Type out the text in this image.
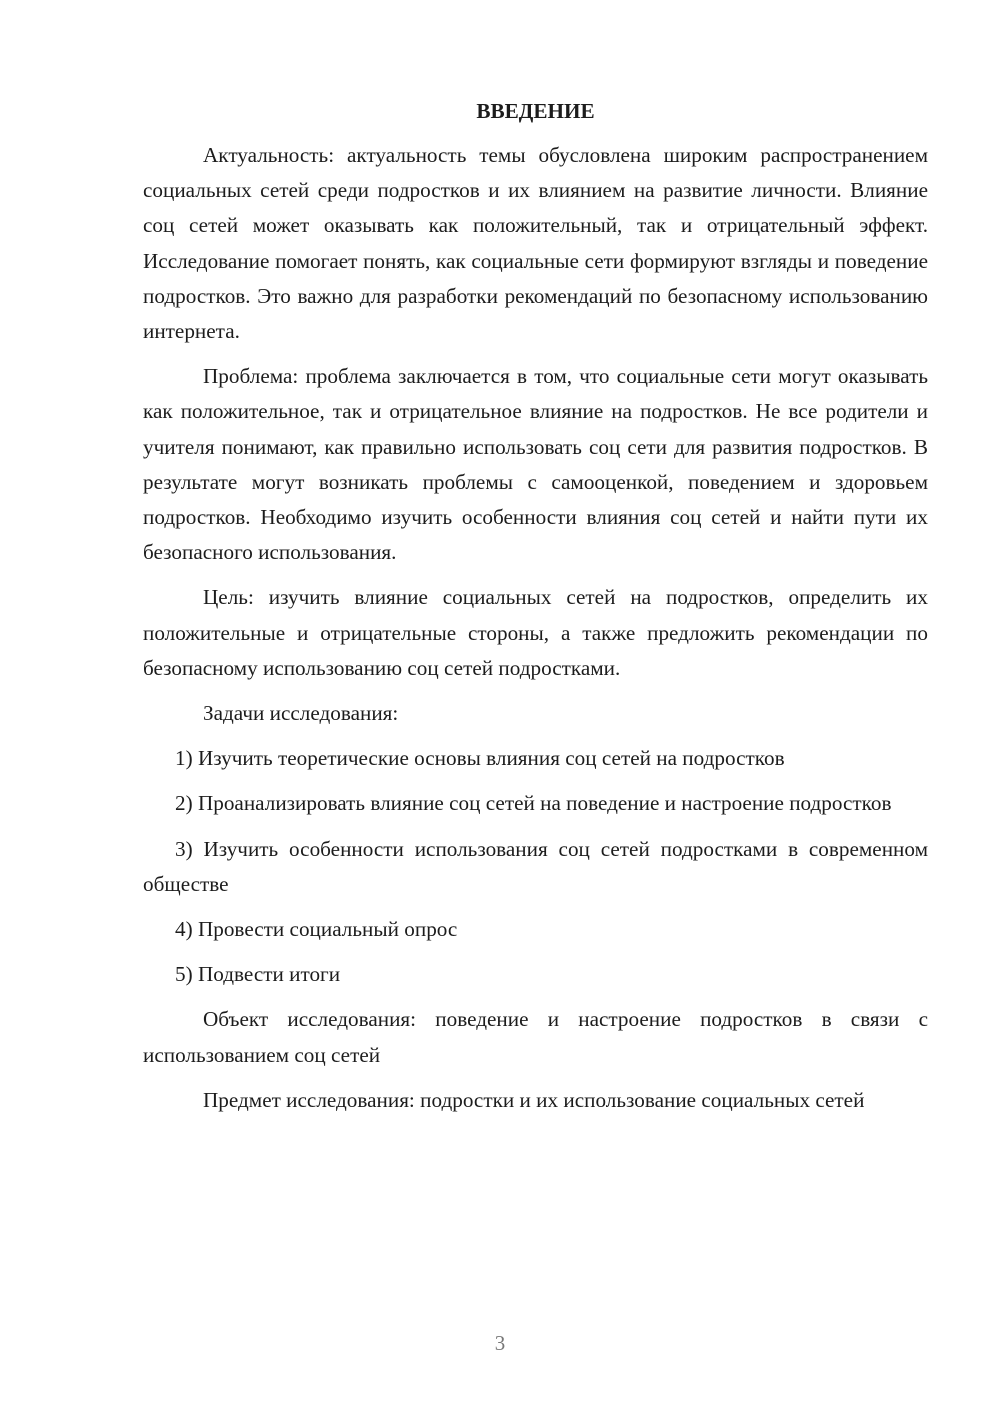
ВВЕДЕНИЕ

Актуальность: актуальность темы обусловлена широким распространением социальных сетей среди подростков и их влиянием на развитие личности. Влияние соц сетей может оказывать как положительный, так и отрицательный эффект. Исследование помогает понять, как социальные сети формируют взгляды и поведение подростков. Это важно для разработки рекомендаций по безопасному использованию интернета.

Проблема: проблема заключается в том, что социальные сети могут оказывать как положительное, так и отрицательное влияние на подростков. Не все родители и учителя понимают, как правильно использовать соц сети для развития подростков. В результате могут возникать проблемы с самооценкой, поведением и здоровьем подростков. Необходимо изучить особенности влияния соц сетей и найти пути их безопасного использования.

Цель: изучить влияние социальных сетей на подростков, определить их положительные и отрицательные стороны, а также предложить рекомендации по безопасному использованию соц сетей подростками.

Задачи исследования:

1) Изучить теоретические основы влияния соц сетей на подростков

2) Проанализировать влияние соц сетей на поведение и настроение подростков

3) Изучить особенности использования соц сетей подростками в современном обществе

4) Провести социальный опрос

5) Подвести итоги

Объект исследования: поведение и настроение подростков в связи с использованием соц сетей

Предмет исследования: подростки и их использование социальных сетей

3
